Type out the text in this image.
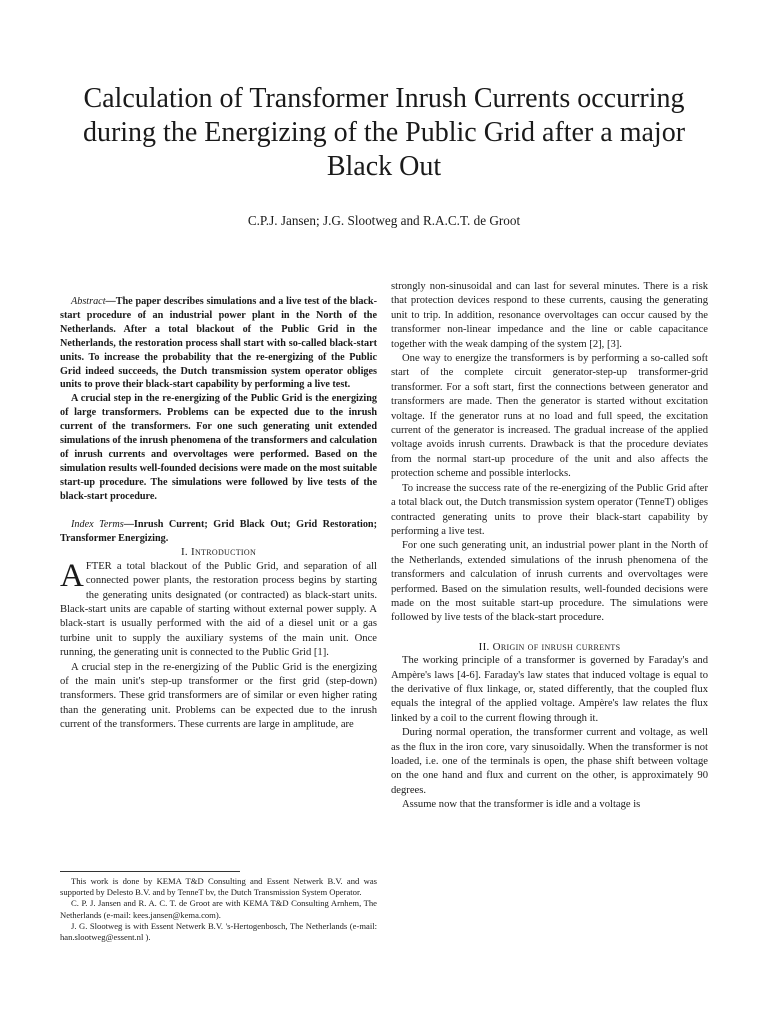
Calculation of Transformer Inrush Currents occurring during the Energizing of the Public Grid after a major Black Out

C.P.J. Jansen; J.G. Slootweg and R.A.C.T. de Groot

Abstract—The paper describes simulations and a live test of the black-start procedure of an industrial power plant in the North of the Netherlands. After a total blackout of the Public Grid in the Netherlands, the restoration process shall start with so-called black-start units. To increase the probability that the re-energizing of the Public Grid indeed succeeds, the Dutch transmission system operator obliges units to prove their black-start capability by performing a live test.

A crucial step in the re-energizing of the Public Grid is the energizing of large transformers. Problems can be expected due to the inrush current of the transformers. For one such generating unit extended simulations of the inrush phenomena of the transformers and calculation of inrush currents and overvoltages were performed. Based on the simulation results well-founded decisions were made on the most suitable start-up procedure. The simulations were followed by live tests of the black-start procedure.

Index Terms—Inrush Current; Grid Black Out; Grid Restoration; Transformer Energizing.

I. Introduction

AFTER a total blackout of the Public Grid, and separation of all connected power plants, the restoration process begins by starting the generating units designated (or contracted) as black-start units. Black-start units are capable of starting without external power supply. A black-start is usually performed with the aid of a diesel unit or a gas turbine unit to supply the auxiliary systems of the main unit. Once running, the generating unit is connected to the Public Grid [1].

A crucial step in the re-energizing of the Public Grid is the energizing of the main unit's step-up transformer or the first grid (step-down) transformers. These grid transformers are of similar or even higher rating than the generating unit. Problems can be expected due to the inrush current of the transformers. These currents are large in amplitude, are

This work is done by KEMA T&D Consulting and Essent Netwerk B.V. and was supported by Delesto B.V. and by TenneT bv, the Dutch Transmission System Operator.

C. P. J. Jansen and R. A. C. T. de Groot are with KEMA T&D Consulting Arnhem, The Netherlands (e-mail: kees.jansen@kema.com).

J. G. Slootweg is with Essent Netwerk B.V. 's-Hertogenbosch, The Netherlands (e-mail: han.slootweg@essent.nl ).

strongly non-sinusoidal and can last for several minutes. There is a risk that protection devices respond to these currents, causing the generating unit to trip. In addition, resonance overvoltages can occur caused by the transformer non-linear impedance and the line or cable capacitance together with the weak damping of the system [2], [3].

One way to energize the transformers is by performing a so-called soft start of the complete circuit generator-step-up transformer-grid transformer. For a soft start, first the connections between generator and transformers are made. Then the generator is started without excitation voltage. If the generator runs at no load and full speed, the excitation current of the generator is increased. The gradual increase of the applied voltage avoids inrush currents. Drawback is that the procedure deviates from the normal start-up procedure of the unit and also affects the protection scheme and possible interlocks.

To increase the success rate of the re-energizing of the Public Grid after a total black out, the Dutch transmission system operator (TenneT) obliges contracted generating units to prove their black-start capability by performing a live test.

For one such generating unit, an industrial power plant in the North of the Netherlands, extended simulations of the inrush phenomena of the transformers and calculation of inrush currents and overvoltages were performed. Based on the simulation results, well-founded decisions were made on the most suitable start-up procedure. The simulations were followed by live tests of the black-start procedure.

II. Origin of inrush currents

The working principle of a transformer is governed by Faraday's and Ampère's laws [4-6]. Faraday's law states that induced voltage is equal to the derivative of flux linkage, or, stated differently, that the coupled flux equals the integral of the applied voltage. Ampère's law relates the flux linked by a coil to the current flowing through it.

During normal operation, the transformer current and voltage, as well as the flux in the iron core, vary sinusoidally. When the transformer is not loaded, i.e. one of the terminals is open, the phase shift between voltage on the one hand and flux and current on the other, is approximately 90 degrees.

Assume now that the transformer is idle and a voltage is
